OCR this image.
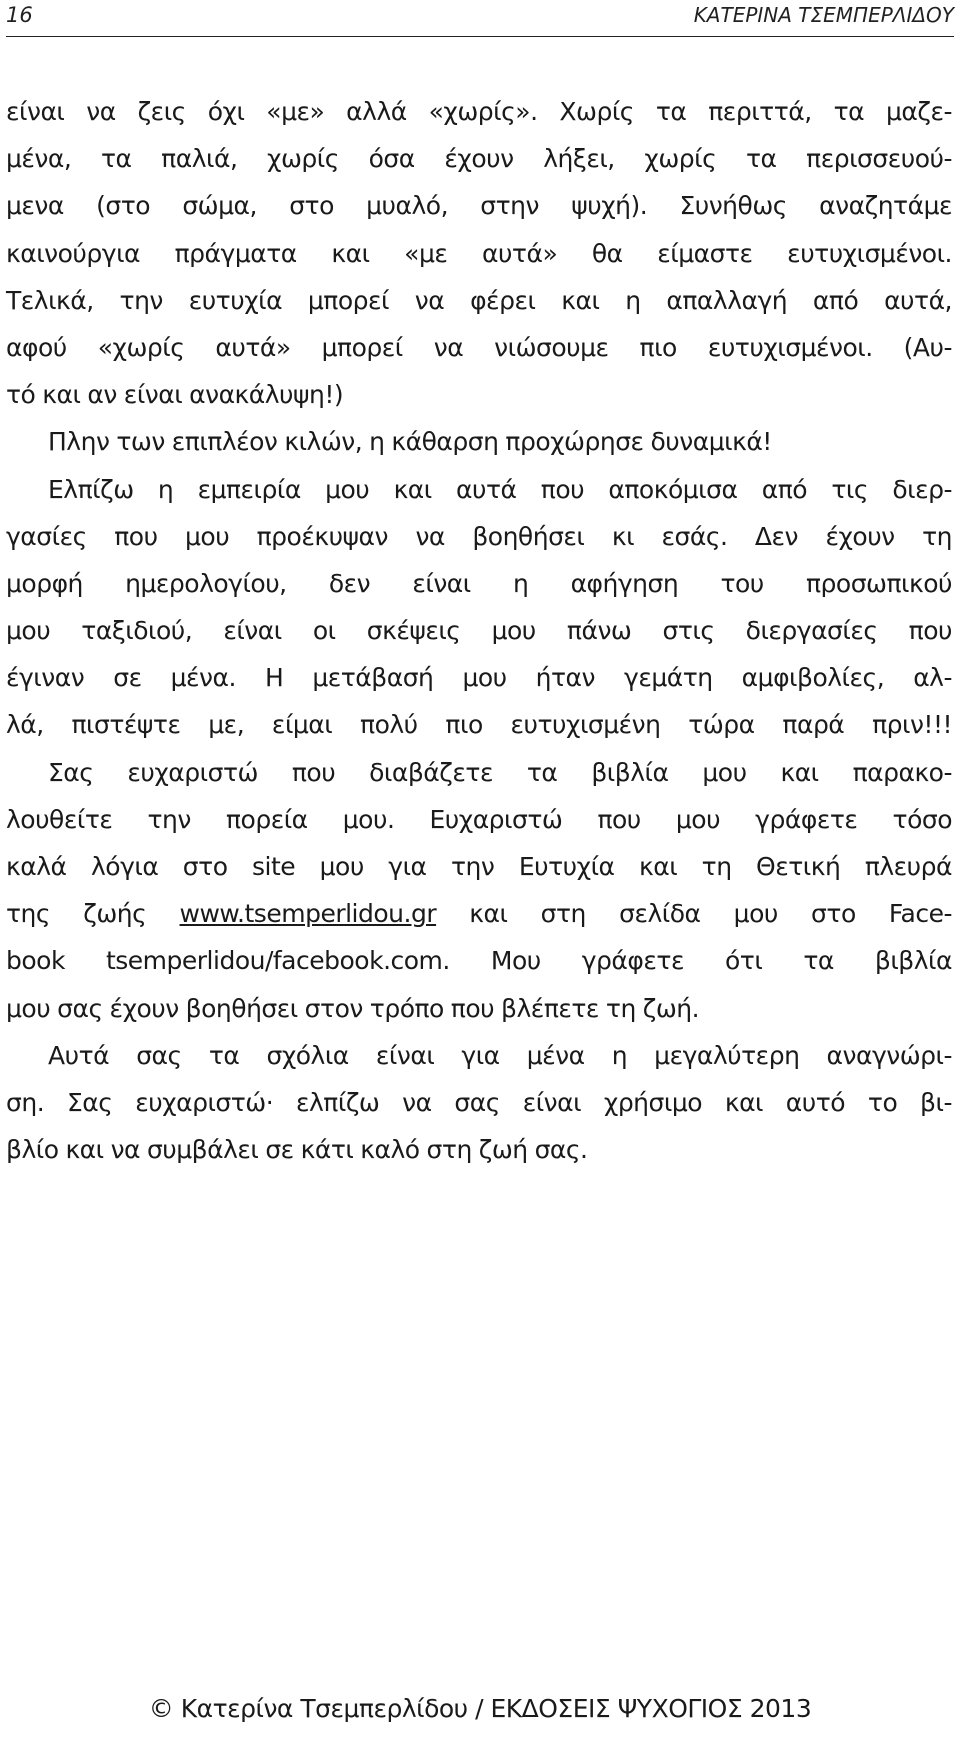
16	ΚΑΤΕΡΙΝΑ ΤΣΕΜΠΕΡΛΙΔΟΥ
είναι να ζεις όχι «με» αλλά «χωρίς». Χωρίς τα περιττά, τα μαζε-
μένα, τα παλιά, χωρίς όσα έχουν λήξει, χωρίς τα περισσευού-
μενα (στο σώμα, στο μυαλό, στην ψυχή). Συνήθως αναζητάμε
καινούργια πράγματα και «με αυτά» θα είμαστε ευτυχισμένοι.
Τελικά, την ευτυχία μπορεί να φέρει και η απαλλαγή από αυτά,
αφού «χωρίς αυτά» μπορεί να νιώσουμε πιο ευτυχισμένοι. (Αυ-
τό και αν είναι ανακάλυψη!)
Πλην των επιπλέον κιλών, η κάθαρση προχώρησε δυναμικά!
Ελπίζω η εμπειρία μου και αυτά που αποκόμισα από τις διερ-
γασίες που μου προέκυψαν να βοηθήσει κι εσάς. Δεν έχουν τη
μορφή ημερολογίου, δεν είναι η αφήγηση του προσωπικού
μου ταξιδιού, είναι οι σκέψεις μου πάνω στις διεργασίες που
έγιναν σε μένα. Η μετάβασή μου ήταν γεμάτη αμφιβολίες, αλ-
λά, πιστέψτε με, είμαι πολύ πιο ευτυχισμένη τώρα παρά πριν!!!
Σας ευχαριστώ που διαβάζετε τα βιβλία μου και παρακο-
λουθείτε την πορεία μου. Ευχαριστώ που μου γράφετε τόσο
καλά λόγια στο site μου για την Ευτυχία και τη Θετική πλευρά
της ζωής www.tsemperlidou.gr και στη σελίδα μου στο Face-
book tsemperlidou/facebook.com. Μου γράφετε ότι τα βιβλία
μου σας έχουν βοηθήσει στον τρόπο που βλέπετε τη ζωή.
Αυτά σας τα σχόλια είναι για μένα η μεγαλύτερη αναγνώρι-
ση. Σας ευχαριστώ· ελπίζω να σας είναι χρήσιμο και αυτό το βι-
βλίο και να συμβάλει σε κάτι καλό στη ζωή σας.
© Κατερίνα Τσεμπερλίδου / ΕΚΔΟΣΕΙΣ ΨΥΧΟΓΙΟΣ 2013
